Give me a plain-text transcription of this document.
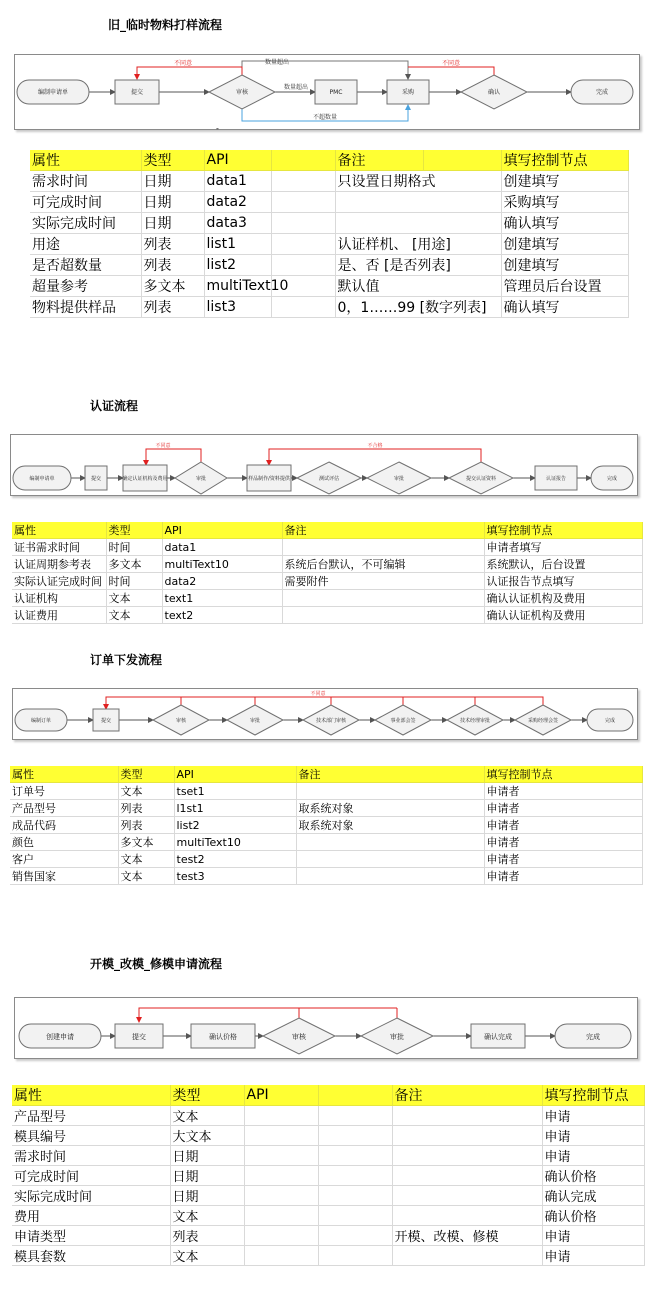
旧_临时物料打样流程
编制申请单	提交	审核	PMC	采购	确认	完成
数量超出
不同意
数量超出
不同意
不超数量
-
属性	类型	API		备注		填写控制节点
需求时间	日期	data1		只设置日期格式		创建填写
可完成时间	日期	data2				采购填写
实际完成时间	日期	data3				确认填写
用途	列表	list1		认证样机、 [用途]		创建填写
是否超数量	列表	list2		是、否 [是否列表]		创建填写
超量参考	多文本	multiText10		默认值		管理员后台设置
物料提供样品	列表	list3		0，1……99 [数字列表]		确认填写
认证流程
编制申请单	提交	确定认证机构及费用	审批	样品制作/资料提供	测试评估	审批	提交认证资料	认证报告	完成
不同意	不合格
属性	类型	API	备注	填写控制节点
证书需求时间	时间	data1		申请者填写
认证周期参考表	多文本	multiText10	系统后台默认，不可编辑	系统默认，后台设置
实际认证完成时间	时间	data2	需要附件	认证报告节点填写
认证机构	文本	text1		确认认证机构及费用
认证费用	文本	text2		确认认证机构及费用
订单下发流程
编制订单	提交	审核	审批	技术部门审核	事业部会签	技术经理审批	采购经理会签	完成
不同意
属性	类型	API	备注	填写控制节点
订单号	文本	tset1		申请者
产品型号	列表	l1st1	取系统对象	申请者
成品代码	列表	list2	取系统对象	申请者
颜色	多文本	multiText10		申请者
客户	文本	test2		申请者
销售国家	文本	test3		申请者
开模_改模_修模申请流程
创建申请	提交	确认价格	审核	审批	确认完成	完成
属性	类型	API		备注	填写控制节点
产品型号	文本				申请
模具编号	大文本				申请
需求时间	日期				申请
可完成时间	日期				确认价格
实际完成时间	日期				确认完成
费用	文本				确认价格
申请类型	列表			开模、改模、修模	申请
模具套数	文本				申请
